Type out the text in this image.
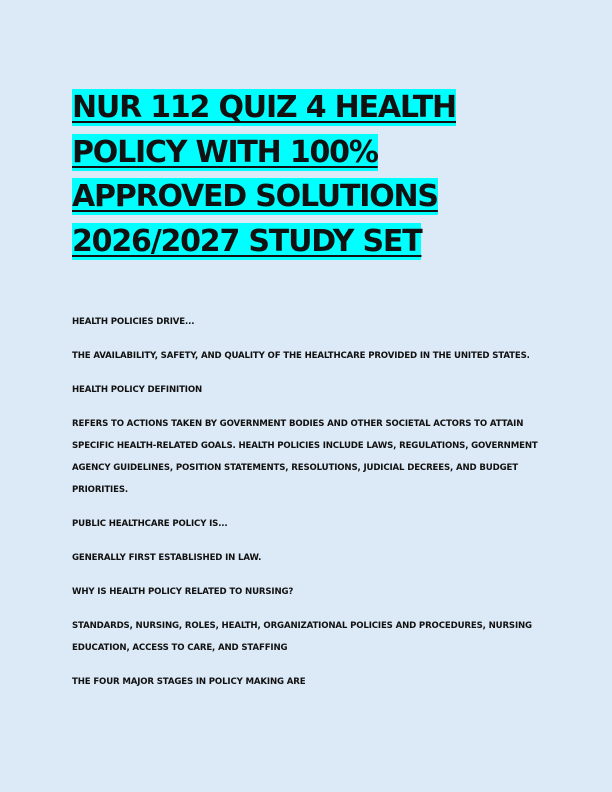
NUR 112 QUIZ 4 HEALTH POLICY WITH 100% APPROVED SOLUTIONS 2026/2027 STUDY SET

HEALTH POLICIES DRIVE...

THE AVAILABILITY, SAFETY, AND QUALITY OF THE HEALTHCARE PROVIDED IN THE UNITED STATES.

HEALTH POLICY DEFINITION

REFERS TO ACTIONS TAKEN BY GOVERNMENT BODIES AND OTHER SOCIETAL ACTORS TO ATTAIN SPECIFIC HEALTH-RELATED GOALS. HEALTH POLICIES INCLUDE LAWS, REGULATIONS, GOVERNMENT AGENCY GUIDELINES, POSITION STATEMENTS, RESOLUTIONS, JUDICIAL DECREES, AND BUDGET PRIORITIES.

PUBLIC HEALTHCARE POLICY IS...

GENERALLY FIRST ESTABLISHED IN LAW.

WHY IS HEALTH POLICY RELATED TO NURSING?

STANDARDS, NURSING, ROLES, HEALTH, ORGANIZATIONAL POLICIES AND PROCEDURES, NURSING EDUCATION, ACCESS TO CARE, AND STAFFING

THE FOUR MAJOR STAGES IN POLICY MAKING ARE
